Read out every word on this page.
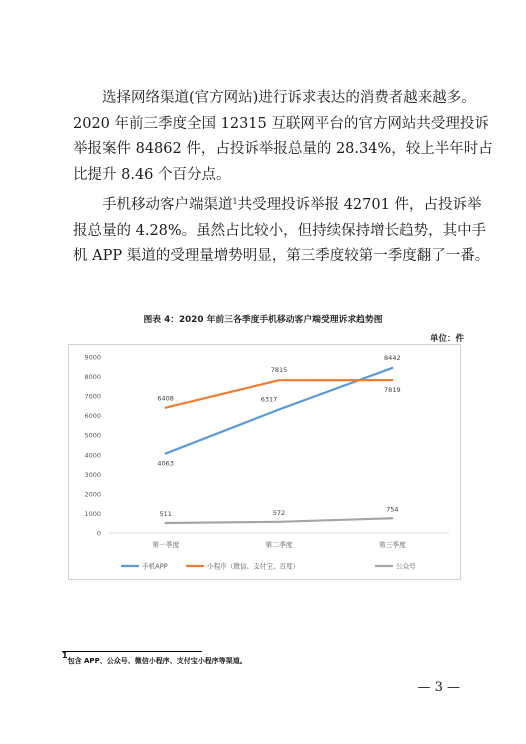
选择网络渠道(官方网站)进行诉求表达的消费者越来越多。
2020 年前三季度全国 12315 互联网平台的官方网站共受理投诉
举报案件 84862 件，占投诉举报总量的 28.34%，较上半年时占
比提升 8.46 个百分点。
手机移动客户端渠道$^1$共受理投诉举报 42701 件，占投诉举
报总量的 4.28%。虽然占比较小，但持续保持增长趋势，其中手
机 APP 渠道的受理量增势明显，第三季度较第一季度翻了一番。
图表 4：2020 年前三各季度手机移动客户端受理诉求趋势图
单位：件
0
1000
2000
3000
4000
5000
6000
7000
8000
9000
第一季度	第二季度	第三季度
4063
6317
8442
6408
7815
7819
511	572	754
手机APP	小程序（微信、支付宝、百度）	公众号
$^1$包含 APP、公众号、微信小程序、支付宝小程序等渠道。
— 3 —
